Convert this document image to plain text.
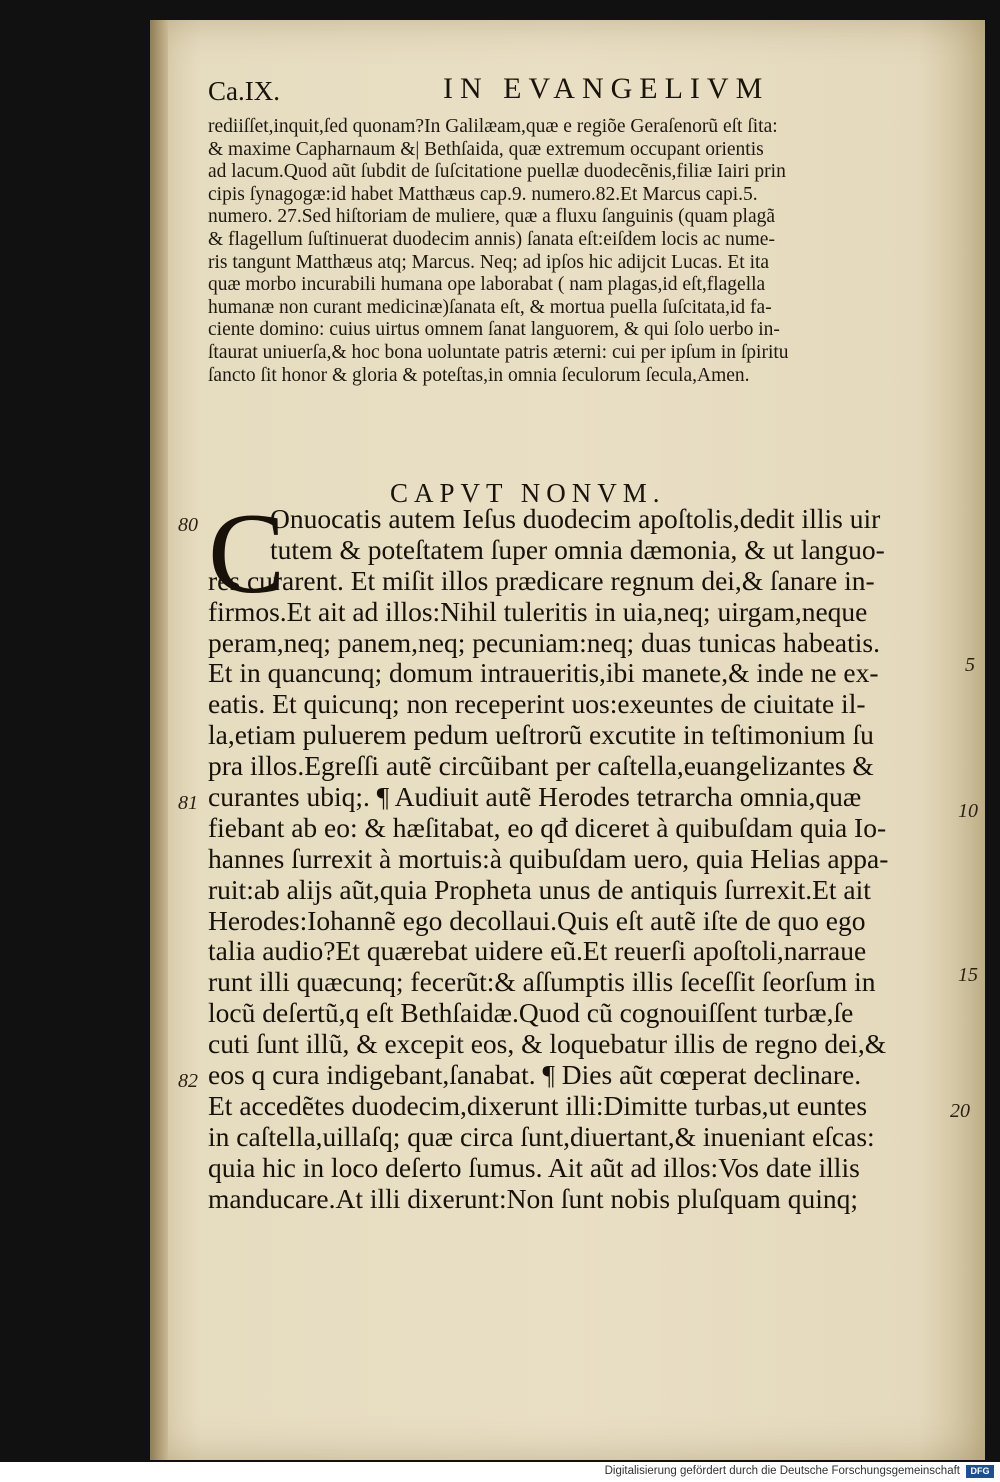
Ca.IX.	IN EVANGELIVM
rediiſſet,inquit,ſed quonam?In Galilæam,quæ e regiõe Geraſenorũ eſt ſita:
& maxime Capharnaum &| Bethſaida, quæ extremum occupant orientis
ad lacum.Quod aũt ſubdit de ſuſcitatione puellæ duodecẽnis,filiæ Iairi prin
cipis ſynagogæ:id habet Matthæus cap.9. numero.82.Et Marcus capi.5.
numero. 27.Sed hiſtoriam de muliere, quæ a fluxu ſanguinis (quam plagã
& flagellum ſuſtinuerat duodecim annis) ſanata eſt:eiſdem locis ac nume-
ris tangunt Matthæus atq; Marcus. Neq; ad ipſos hic adijcit Lucas. Et ita
quæ morbo incurabili humana ope laborabat ( nam plagas,id eſt,flagella
humanæ non curant medicinæ)ſanata eſt, & mortua puella ſuſcitata,id fa-
ciente domino: cuius uirtus omnem ſanat languorem, & qui ſolo uerbo in-
ſtaurat uniuerſa,& hoc bona uoluntate patris æterni: cui per ipſum in ſpiritu
ſancto ſit honor & gloria & poteſtas,in omnia ſeculorum ſecula,Amen.
CAPVT NONVM.
C
Onuocatis autem Ieſus duodecim apoſtolis,dedit illis uir
tutem & poteſtatem ſuper omnia dæmonia, & ut languo-
res curarent. Et miſit illos prædicare regnum dei,& ſanare in-
firmos.Et ait ad illos:Nihil tuleritis in uia,neq; uirgam,neque
peram,neq; panem,neq; pecuniam:neq; duas tunicas habeatis.
Et in quancunq; domum intraueritis,ibi manete,& inde ne ex-
eatis. Et quicunq; non receperint uos:exeuntes de ciuitate il-
la,etiam puluerem pedum ueſtrorũ excutite in teſtimonium ſu
pra illos.Egreſſi autẽ circũibant per caſtella,euangelizantes &
curantes ubiq;. ¶ Audiuit autẽ Herodes tetrarcha omnia,quæ
fiebant ab eo: & hæſitabat, eo qđ diceret à quibuſdam quia Io-
hannes ſurrexit à mortuis:à quibuſdam uero, quia Helias appa-
ruit:ab alijs aũt,quia Propheta unus de antiquis ſurrexit.Et ait
Herodes:Iohannẽ ego decollaui.Quis eſt autẽ iſte de quo ego
talia audio?Et quærebat uidere eũ.Et reuerſi apoſtoli,narraue
runt illi quæcunq; fecerũt:& aſſumptis illis ſeceſſit ſeorſum in
locũ deſertũ,q eſt Bethſaidæ.Quod cũ cognouiſſent turbæ,ſe
cuti ſunt illũ, & excepit eos, & loquebatur illis de regno dei,&
eos q cura indigebant,ſanabat. ¶ Dies aũt cœperat declinare.
Et accedẽtes duodecim,dixerunt illi:Dimitte turbas,ut euntes
in caſtella,uillaſq; quæ circa ſunt,diuertant,& inueniant eſcas:
quia hic in loco deſerto ſumus. Ait aũt ad illos:Vos date illis
manducare.At illi dixerunt:Non ſunt nobis pluſquam quinq;
80
81
82
5
10
15
20
Digitalisierung gefördert durch die Deutsche Forschungsgemeinschaft	DFG
